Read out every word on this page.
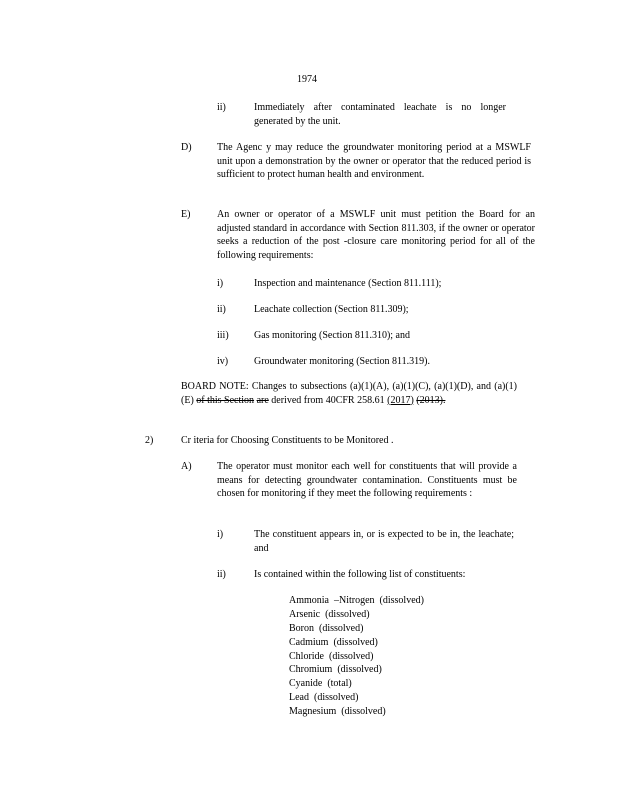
1974
ii)	Immediately after contaminated leachate is no longer generated by the unit.
D)	The Agenc y may reduce the groundwater monitoring period at a MSWLF unit upon a demonstration by the owner or operator that the reduced period is sufficient to protect human health and environment.
E)	An owner or operator of a MSWLF unit must petition the Board for an adjusted standard in accordance with Section 811.303, if the owner or operator seeks a reduction of the post -closure care monitoring period for all of the following requirements:
i)	Inspection and maintenance (Section 811.111);
ii)	Leachate collection (Section 811.309);
iii)	Gas monitoring (Section 811.310); and
iv)	Groundwater monitoring (Section 811.319).
BOARD NOTE: Changes to subsections (a)(1)(A), (a)(1)(C), (a)(1)(D), and (a)(1)(E) of this Section are derived from 40CFR 258.61 (2017) (2013).
2)	Cr iteria for Choosing Constituents to be Monitored .
A)	The operator must monitor each well for constituents that will provide a means for detecting groundwater contamination. Constituents must be chosen for monitoring if they meet the following requirements :
i)	The constituent appears in, or is expected to be in, the leachate; and
ii)	Is contained within the following list of constituents:
Ammonia  –Nitrogen  (dissolved)
Arsenic  (dissolved)
Boron  (dissolved)
Cadmium  (dissolved)
Chloride  (dissolved)
Chromium  (dissolved)
Cyanide  (total)
Lead  (dissolved)
Magnesium  (dissolved)
